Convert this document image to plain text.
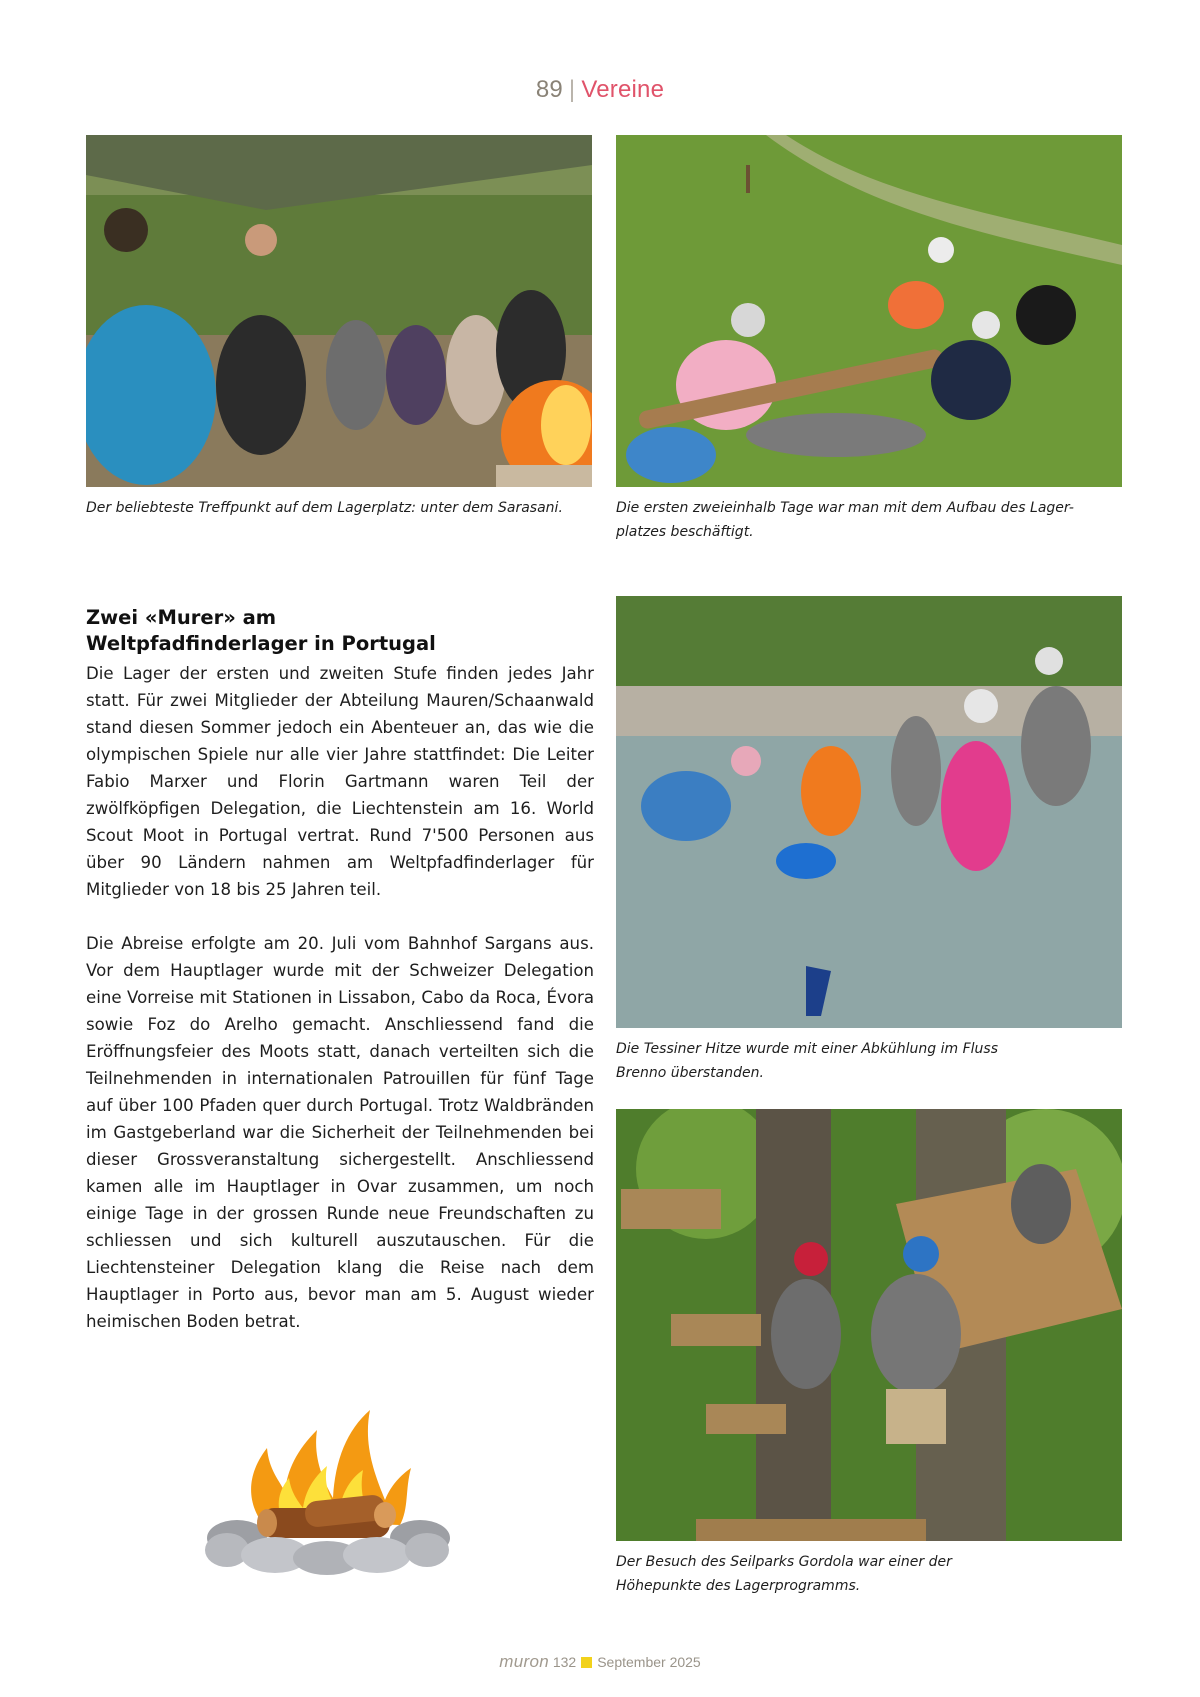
89 | Vereine
Der beliebteste Treffpunkt auf dem Lagerplatz: unter dem Sarasani.	Die ersten zweieinhalb Tage war man mit dem Aufbau des Lager-
platzes beschäftigt.
Zwei «Murer» am
Weltpfadfinderlager in Portugal

Die Lager der ersten und zweiten Stufe finden jedes Jahr statt. Für zwei Mitglieder der Abteilung Mauren/Schaanwald stand diesen Sommer jedoch ein Abenteuer an, das wie die olympischen Spiele nur alle vier Jahre stattfindet: Die Leiter Fabio Marxer und Florin Gartmann waren Teil der zwölfköpfigen Delegation, die Liechtenstein am 16. World Scout Moot in Portugal vertrat. Rund 7'500 Personen aus über 90 Ländern nahmen am Weltpfadfinderlager für Mitglieder von 18 bis 25 Jahren teil.

Die Abreise erfolgte am 20. Juli vom Bahnhof Sargans aus. Vor dem Hauptlager wurde mit der Schweizer Delegation eine Vorreise mit Stationen in Lissabon, Cabo da Roca, Évora sowie Foz do Arelho gemacht. Anschliessend fand die Eröffnungsfeier des Moots statt, danach verteilten sich die Teilnehmenden in internationalen Patrouillen für fünf Tage auf über 100 Pfaden quer durch Portugal. Trotz Waldbränden im Gastgeberland war die Sicherheit der Teilnehmenden bei dieser Grossveranstaltung sichergestellt. Anschliessend kamen alle im Hauptlager in Ovar zusammen, um noch einige Tage in der grossen Runde neue Freundschaften zu schliessen und sich kulturell auszutauschen. Für die Liechtensteiner Delegation klang die Reise nach dem Hauptlager in Porto aus, bevor man am 5. August wieder heimischen Boden betrat.

Die Tessiner Hitze wurde mit einer Abkühlung im Fluss
Brenno überstanden.
Der Besuch des Seilparks Gordola war einer der
Höhepunkte des Lagerprogramms.
muron 132 September 2025
